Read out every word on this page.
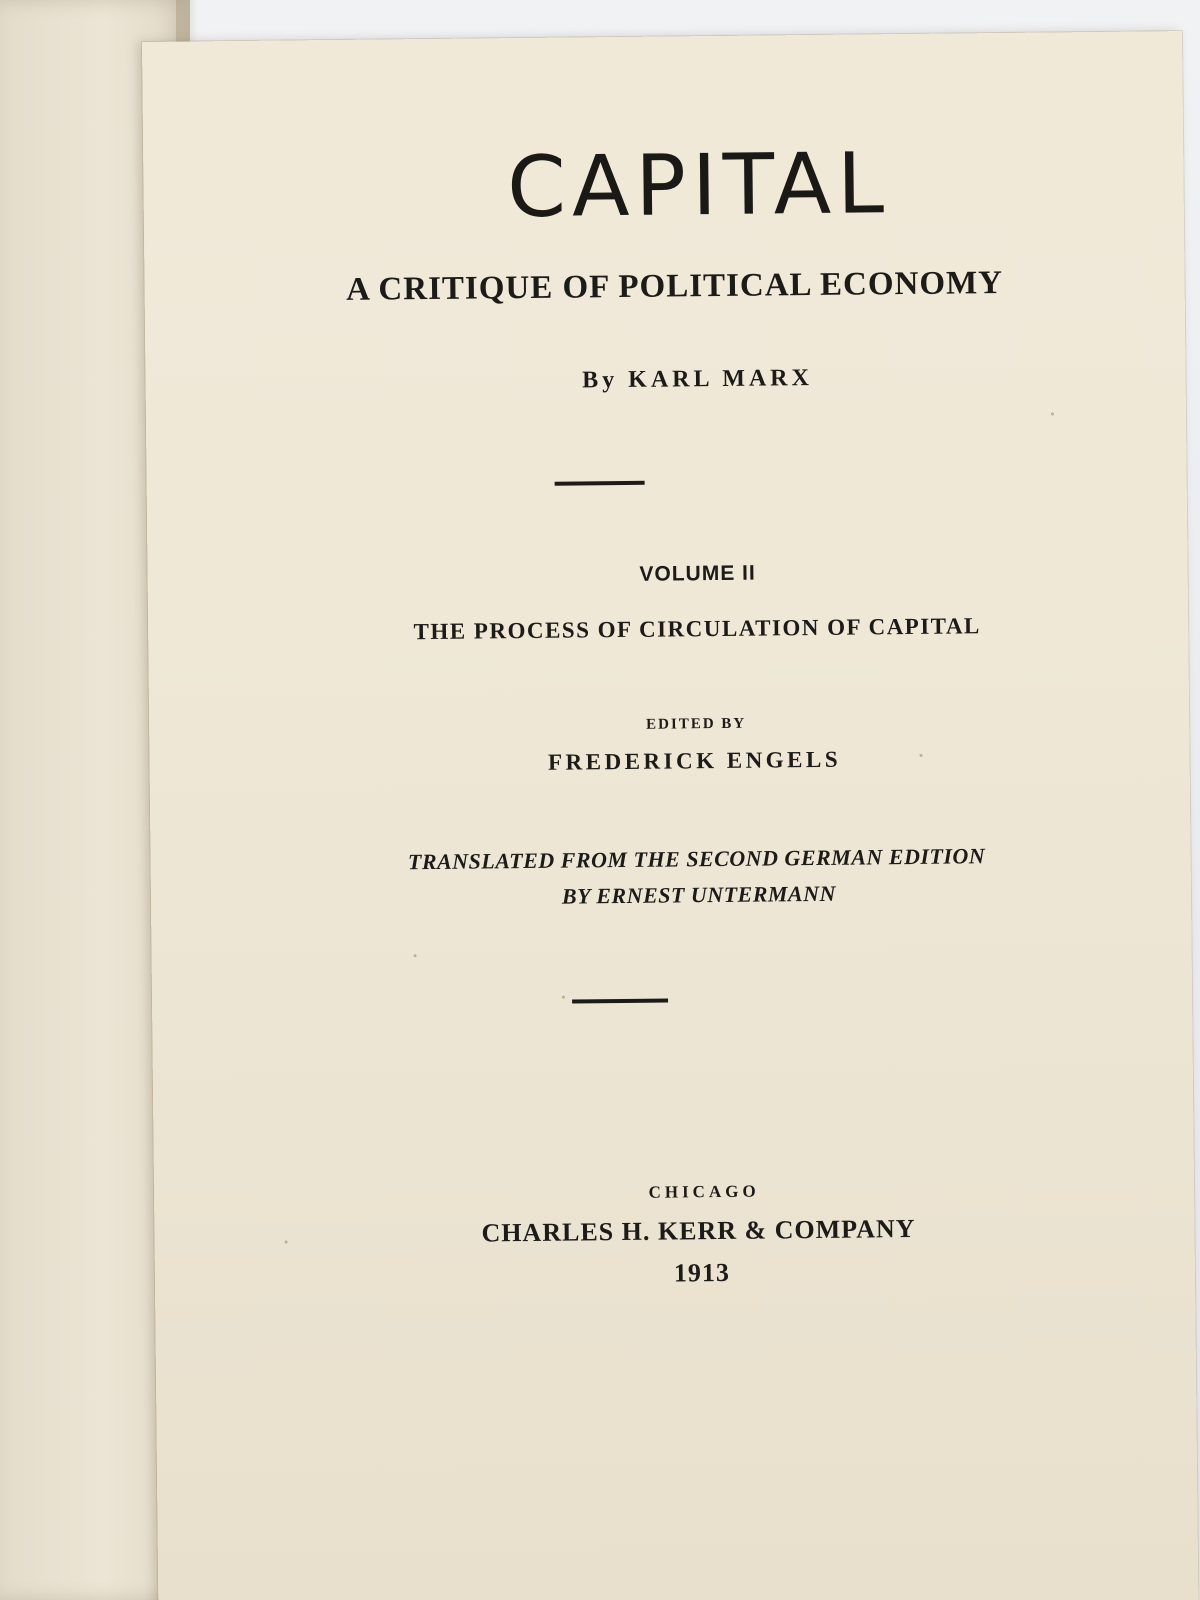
CAPITAL

A CRITIQUE OF POLITICAL ECONOMY

By KARL MARX

VOLUME II

THE PROCESS OF CIRCULATION OF CAPITAL

EDITED BY

FREDERICK ENGELS

TRANSLATED FROM THE SECOND GERMAN EDITION

BY ERNEST UNTERMANN

CHICAGO

CHARLES H. KERR & COMPANY

1913
